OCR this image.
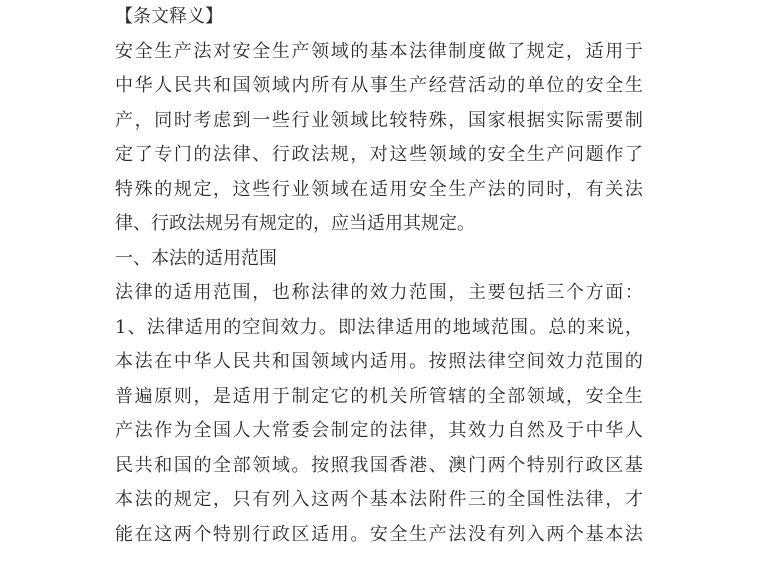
【 条 文 释 义 】
安 全 生 产 法 对 安 全 生 产 领 域 的 基 本 法 律 制 度 做 了 规 定 ， 适 用 于
中 华 人 民 共 和 国 领 域 内 所 有 从 事 生 产 经 营 活 动 的 单 位 的 安 全 生
产 ， 同 时 考 虑 到 一 些 行 业 领 域 比 较 特 殊 ， 国 家 根 据 实 际 需 要 制
定 了 专 门 的 法 律 、 行 政 法 规 ， 对 这 些 领 域 的 安 全 生 产 问 题 作 了
特 殊 的 规 定 ， 这 些 行 业 领 域 在 适 用 安 全 生 产 法 的 同 时 ， 有 关 法
律 、 行 政 法 规 另 有 规 定 的 ， 应 当 适 用 其 规 定 。
一 、 本 法 的 适 用 范 围
法 律 的 适 用 范 围 ， 也 称 法 律 的 效 力 范 围 ， 主 要 包 括 三 个 方 面 ：
1 、 法 律 适 用 的 空 间 效 力 。 即 法 律 适 用 的 地 域 范 围 。 总 的 来 说 ，
本 法 在 中 华 人 民 共 和 国 领 域 内 适 用 。 按 照 法 律 空 间 效 力 范 围 的
普 遍 原 则 ， 是 适 用 于 制 定 它 的 机 关 所 管 辖 的 全 部 领 域 ， 安 全 生
产 法 作 为 全 国 人 大 常 委 会 制 定 的 法 律 ， 其 效 力 自 然 及 于 中 华 人
民 共 和 国 的 全 部 领 域 。 按 照 我 国 香 港 、 澳 门 两 个 特 别 行 政 区 基
本 法 的 规 定 ， 只 有 列 入 这 两 个 基 本 法 附 件 三 的 全 国 性 法 律 ， 才
能 在 这 两 个 特 别 行 政 区 适 用 。 安 全 生 产 法 没 有 列 入 两 个 基 本 法
